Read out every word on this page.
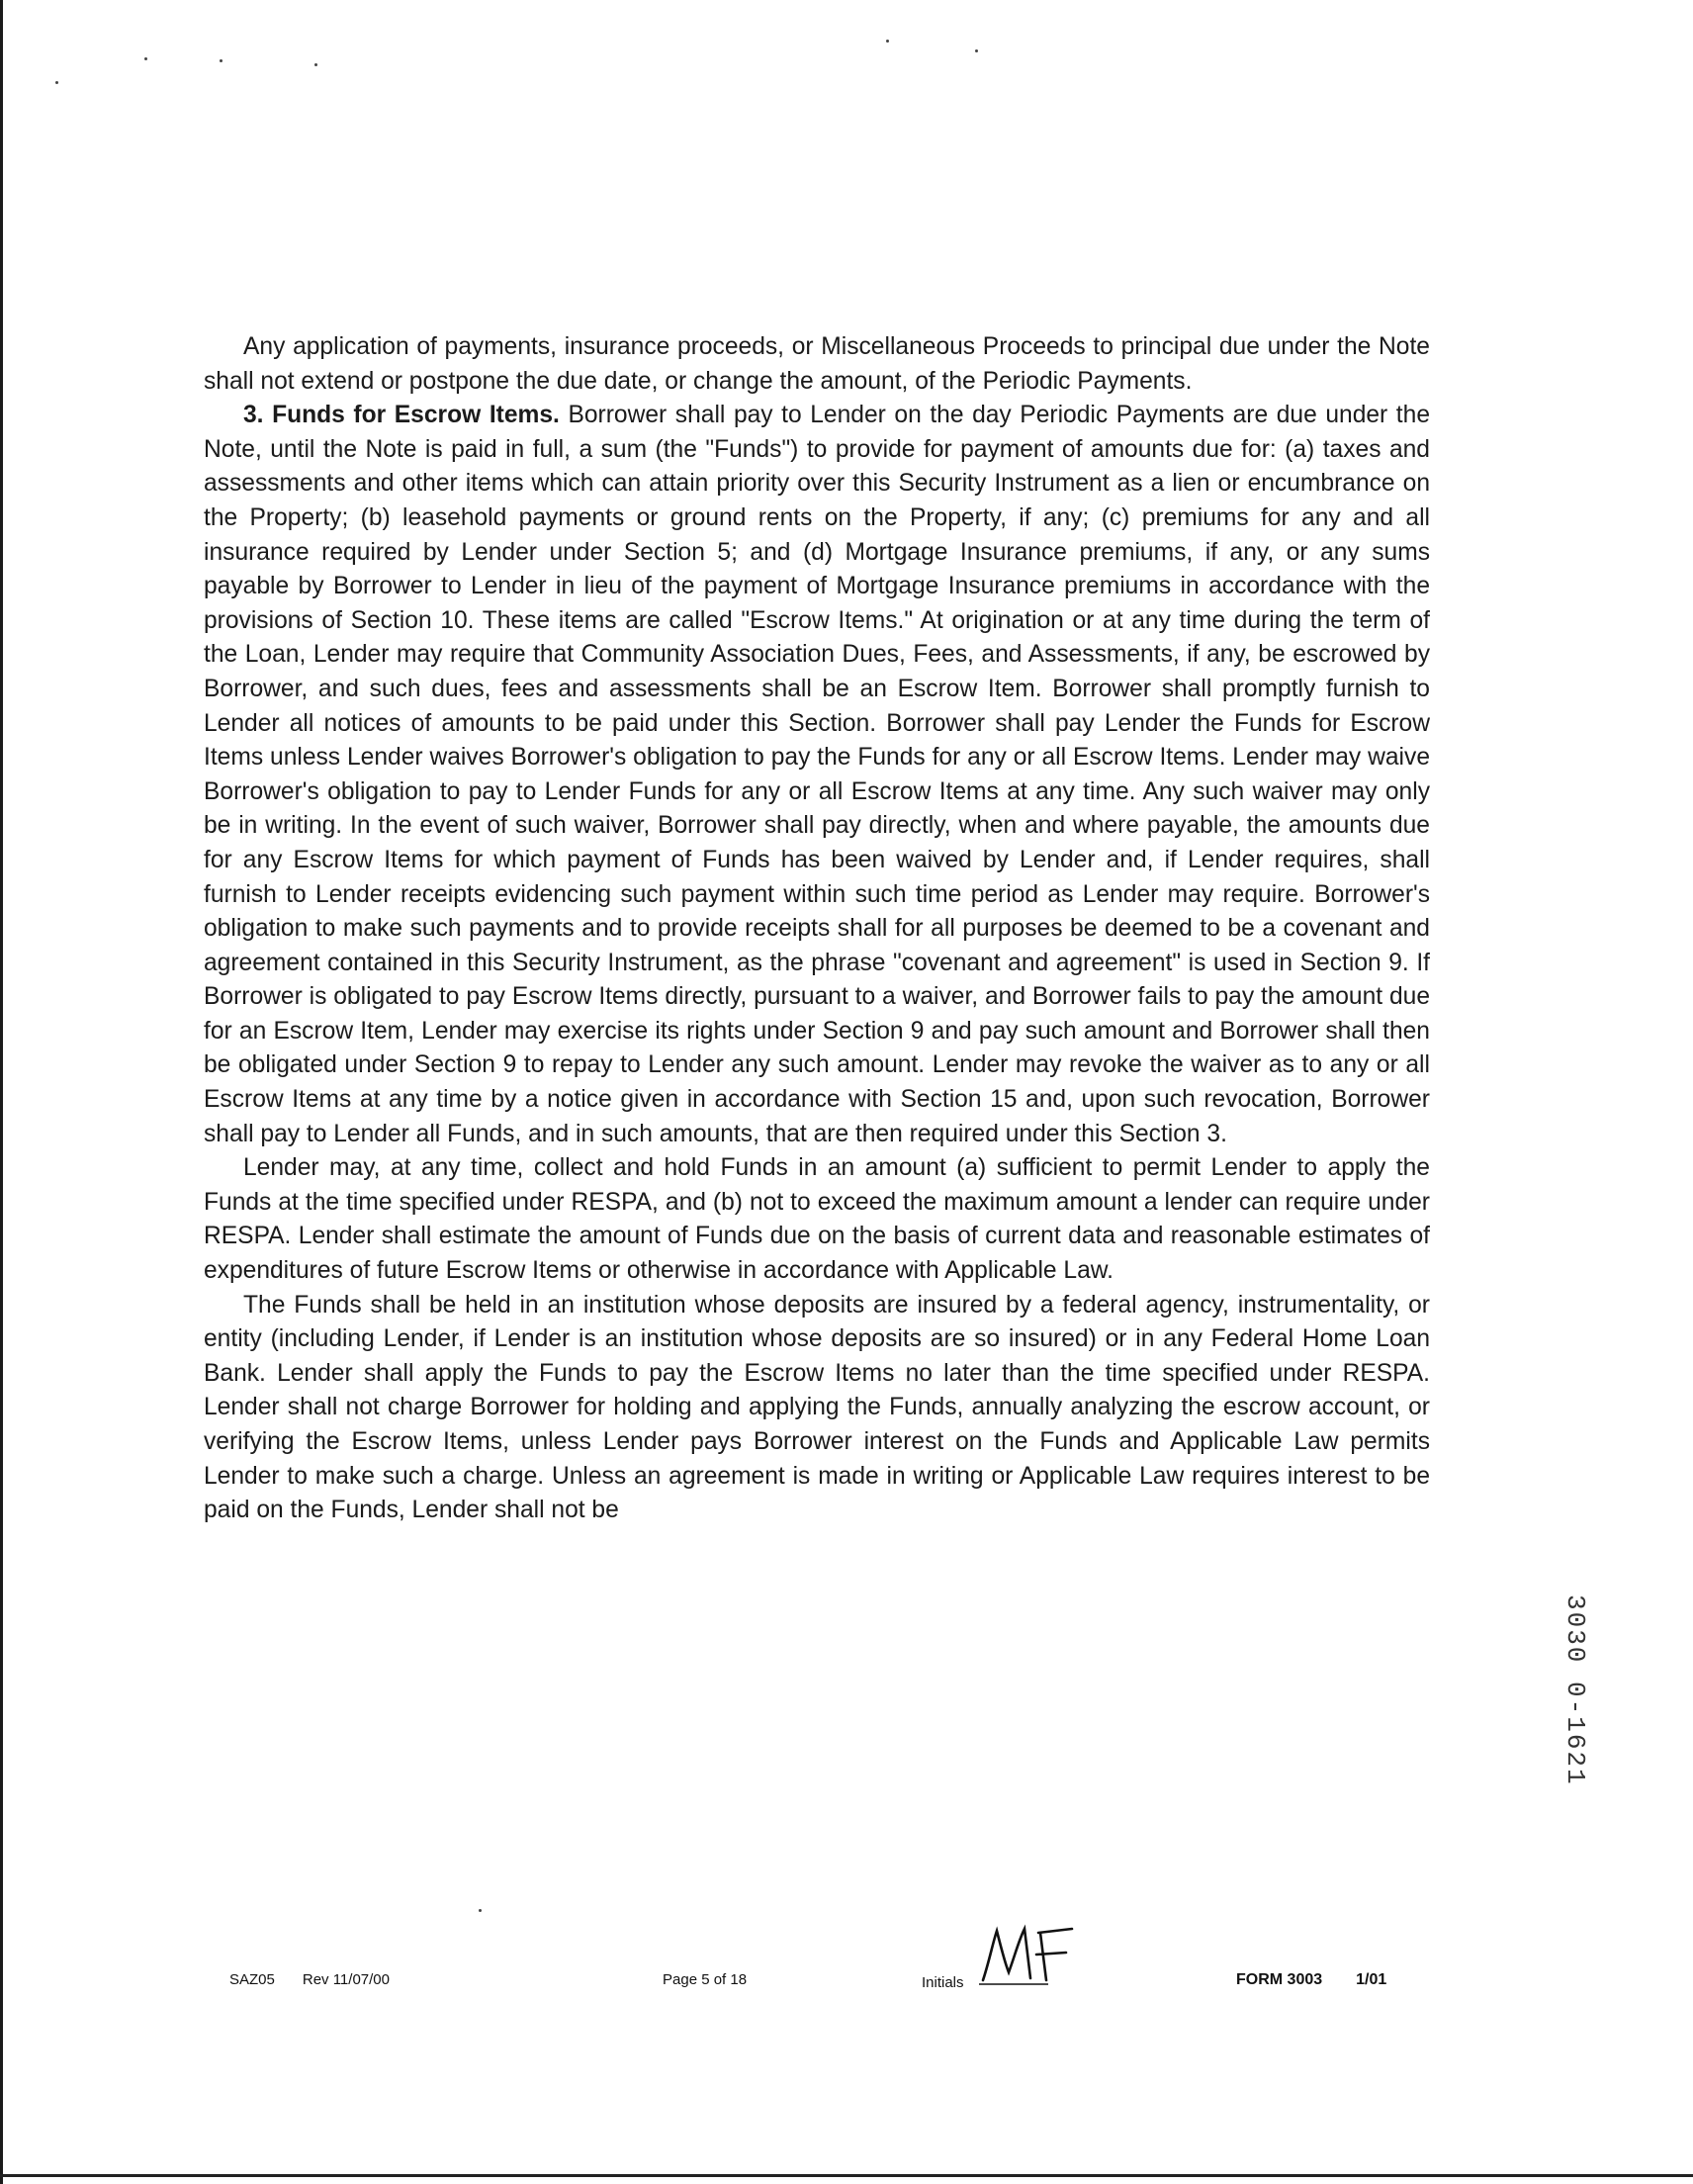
Any application of payments, insurance proceeds, or Miscellaneous Proceeds to principal due under the Note shall not extend or postpone the due date, or change the amount, of the Periodic Payments.

3. Funds for Escrow Items. Borrower shall pay to Lender on the day Periodic Payments are due under the Note, until the Note is paid in full, a sum (the "Funds") to provide for payment of amounts due for: (a) taxes and assessments and other items which can attain priority over this Security Instrument as a lien or encumbrance on the Property; (b) leasehold payments or ground rents on the Property, if any; (c) premiums for any and all insurance required by Lender under Section 5; and (d) Mortgage Insurance premiums, if any, or any sums payable by Borrower to Lender in lieu of the payment of Mortgage Insurance premiums in accordance with the provisions of Section 10. These items are called "Escrow Items." At origination or at any time during the term of the Loan, Lender may require that Community Association Dues, Fees, and Assessments, if any, be escrowed by Borrower, and such dues, fees and assessments shall be an Escrow Item. Borrower shall promptly furnish to Lender all notices of amounts to be paid under this Section. Borrower shall pay Lender the Funds for Escrow Items unless Lender waives Borrower's obligation to pay the Funds for any or all Escrow Items. Lender may waive Borrower's obligation to pay to Lender Funds for any or all Escrow Items at any time. Any such waiver may only be in writing. In the event of such waiver, Borrower shall pay directly, when and where payable, the amounts due for any Escrow Items for which payment of Funds has been waived by Lender and, if Lender requires, shall furnish to Lender receipts evidencing such payment within such time period as Lender may require. Borrower's obligation to make such payments and to provide receipts shall for all purposes be deemed to be a covenant and agreement contained in this Security Instrument, as the phrase "covenant and agreement" is used in Section 9. If Borrower is obligated to pay Escrow Items directly, pursuant to a waiver, and Borrower fails to pay the amount due for an Escrow Item, Lender may exercise its rights under Section 9 and pay such amount and Borrower shall then be obligated under Section 9 to repay to Lender any such amount. Lender may revoke the waiver as to any or all Escrow Items at any time by a notice given in accordance with Section 15 and, upon such revocation, Borrower shall pay to Lender all Funds, and in such amounts, that are then required under this Section 3.

Lender may, at any time, collect and hold Funds in an amount (a) sufficient to permit Lender to apply the Funds at the time specified under RESPA, and (b) not to exceed the maximum amount a lender can require under RESPA. Lender shall estimate the amount of Funds due on the basis of current data and reasonable estimates of expenditures of future Escrow Items or otherwise in accordance with Applicable Law.

The Funds shall be held in an institution whose deposits are insured by a federal agency, instrumentality, or entity (including Lender, if Lender is an institution whose deposits are so insured) or in any Federal Home Loan Bank. Lender shall apply the Funds to pay the Escrow Items no later than the time specified under RESPA. Lender shall not charge Borrower for holding and applying the Funds, annually analyzing the escrow account, or verifying the Escrow Items, unless Lender pays Borrower interest on the Funds and Applicable Law permits Lender to make such a charge. Unless an agreement is made in writing or Applicable Law requires interest to be paid on the Funds, Lender shall not be

SAZ05 Rev 11/07/00	Page 5 of 18	Initials	FORM 3003 1/01
3030 0-1621
